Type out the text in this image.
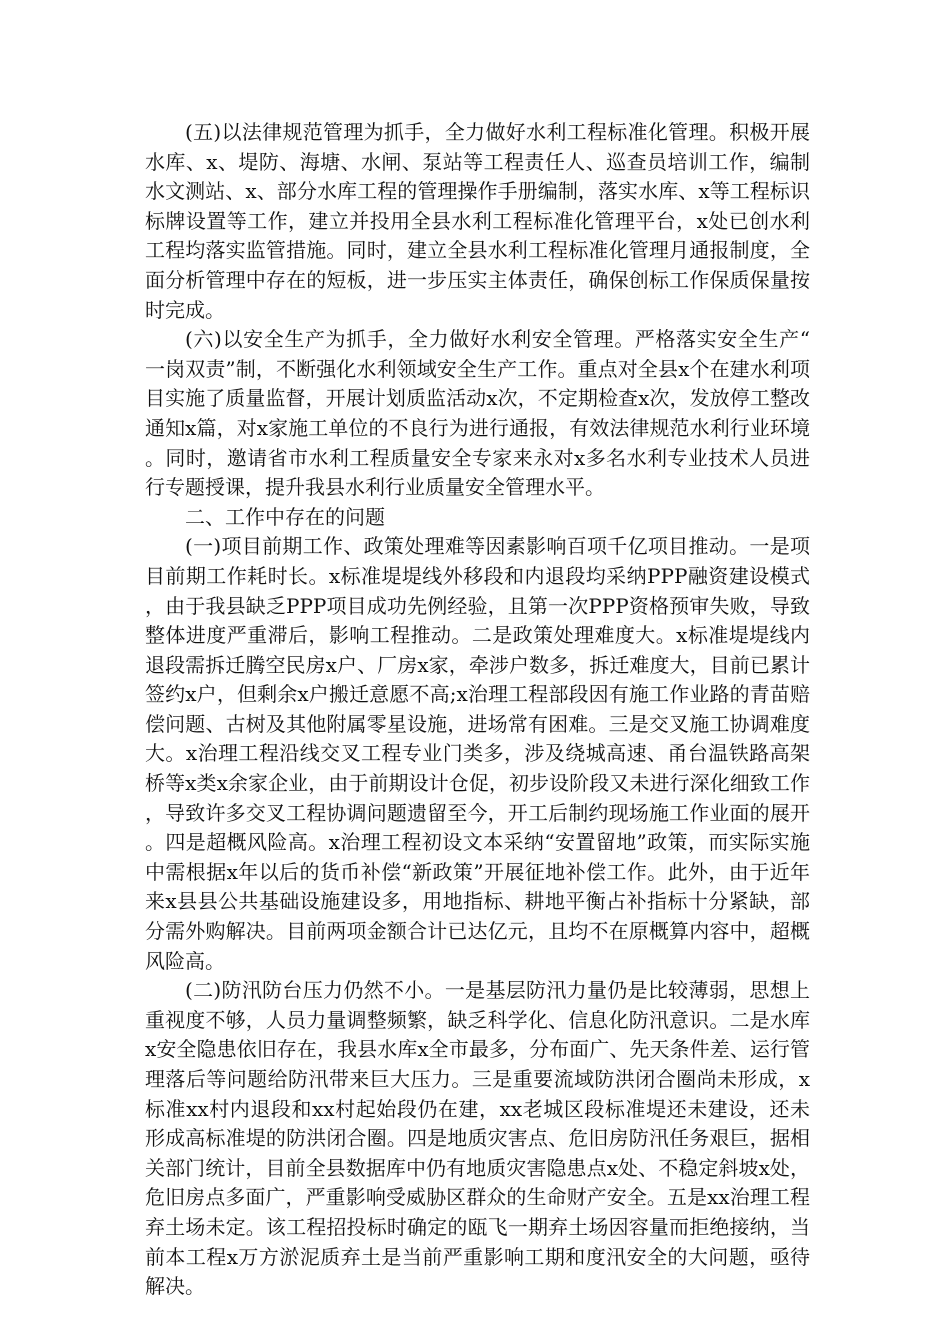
(五)以法律规范管理为抓手，全力做好水利工程标准化管理。积极开展水库、x、堤防、海塘、水闸、泵站等工程责任人、巡查员培训工作，编制水文测站、x、部分水库工程的管理操作手册编制，落实水库、x等工程标识标牌设置等工作，建立并投用全县水利工程标准化管理平台，x处已创水利工程均落实监管措施。同时，建立全县水利工程标准化管理月通报制度，全面分析管理中存在的短板，进一步压实主体责任，确保创标工作保质保量按时完成。

(六)以安全生产为抓手，全力做好水利安全管理。严格落实安全生产“一岗双责”制，不断强化水利领域安全生产工作。重点对全县x个在建水利项目实施了质量监督，开展计划质监活动x次，不定期检查x次，发放停工整改通知x篇，对x家施工单位的不良行为进行通报，有效法律规范水利行业环境。同时，邀请省市水利工程质量安全专家来永对x多名水利专业技术人员进行专题授课，提升我县水利行业质量安全管理水平。

二、工作中存在的问题

(一)项目前期工作、政策处理难等因素影响百项千亿项目推动。一是项目前期工作耗时长。x标准堤堤线外移段和内退段均采纳PPP融资建设模式，由于我县缺乏PPP项目成功先例经验，且第一次PPP资格预审失败，导致整体进度严重滞后，影响工程推动。二是政策处理难度大。x标准堤堤线内退段需拆迁腾空民房x户、厂房x家，牵涉户数多，拆迁难度大，目前已累计签约x户，但剩余x户搬迁意愿不高;x治理工程部段因有施工作业路的青苗赔偿问题、古树及其他附属零星设施，进场常有困难。三是交叉施工协调难度大。x治理工程沿线交叉工程专业门类多，涉及绕城高速、甬台温铁路高架桥等x类x余家企业，由于前期设计仓促，初步设阶段又未进行深化细致工作，导致许多交叉工程协调问题遗留至今，开工后制约现场施工作业面的展开。四是超概风险高。x治理工程初设文本采纳“安置留地”政策，而实际实施中需根据x年以后的货币补偿“新政策”开展征地补偿工作。此外，由于近年来x县县公共基础设施建设多，用地指标、耕地平衡占补指标十分紧缺，部分需外购解决。目前两项金额合计已达亿元，且均不在原概算内容中，超概风险高。

(二)防汛防台压力仍然不小。一是基层防汛力量仍是比较薄弱，思想上重视度不够，人员力量调整频繁，缺乏科学化、信息化防汛意识。二是水库x安全隐患依旧存在，我县水库x全市最多，分布面广、先天条件差、运行管理落后等问题给防汛带来巨大压力。三是重要流域防洪闭合圈尚未形成，x标准xx村内退段和xx村起始段仍在建，xx老城区段标准堤还未建设，还未形成高标准堤的防洪闭合圈。四是地质灾害点、危旧房防汛任务艰巨，据相关部门统计，目前全县数据库中仍有地质灾害隐患点x处、不稳定斜坡x处，危旧房点多面广，严重影响受威胁区群众的生命财产安全。五是xx治理工程弃土场未定。该工程招投标时确定的瓯飞一期弃土场因容量而拒绝接纳，当前本工程x万方淤泥质弃土是当前严重影响工期和度汛安全的大问题，亟待解决。
